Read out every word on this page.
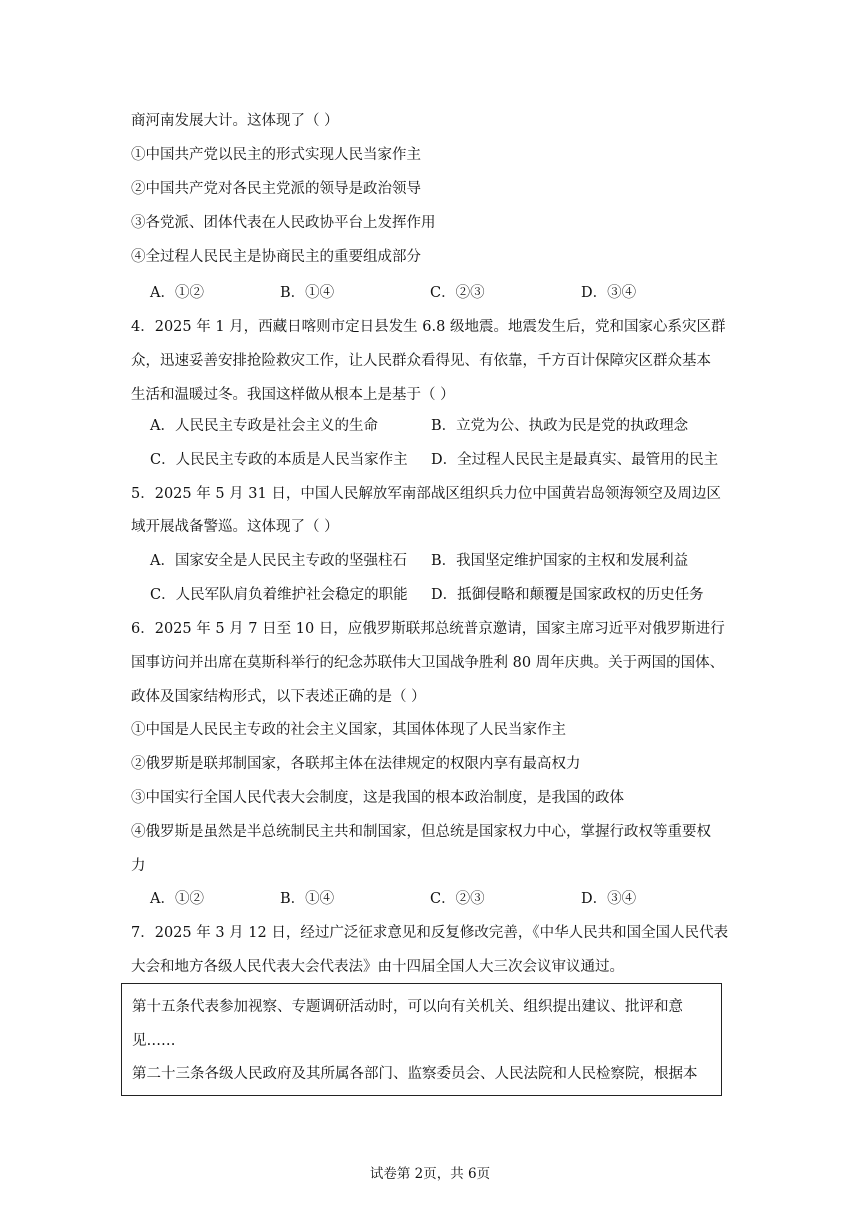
商河南发展大计。这体现了（ ）
①中国共产党以民主的形式实现人民当家作主
②中国共产党对各民主党派的领导是政治领导
③各党派、团体代表在人民政协平台上发挥作用
④全过程人民民主是协商民主的重要组成部分
A．①②	B．①④	C．②③	D．③④
4．2025 年 1 月，西藏日喀则市定日县发生 6.8 级地震。地震发生后，党和国家心系灾区群
众，迅速妥善安排抢险救灾工作，让人民群众看得见、有依靠，千方百计保障灾区群众基本
生活和温暖过冬。我国这样做从根本上是基于（ ）
A．人民民主专政是社会主义的生命	B．立党为公、执政为民是党的执政理念
C．人民民主专政的本质是人民当家作主 D．全过程人民民主是最真实、最管用的民主
5．2025 年 5 月 31 日，中国人民解放军南部战区组织兵力位中国黄岩岛领海领空及周边区
域开展战备警巡。这体现了（ ）
A．国家安全是人民民主专政的坚强柱石 B．我国坚定维护国家的主权和发展利益
C．人民军队肩负着维护社会稳定的职能 D．抵御侵略和颠覆是国家政权的历史任务
6．2025 年 5 月 7 日至 10 日，应俄罗斯联邦总统普京邀请，国家主席习近平对俄罗斯进行
国事访问并出席在莫斯科举行的纪念苏联伟大卫国战争胜利 80 周年庆典。关于两国的国体、
政体及国家结构形式，以下表述正确的是（ ）
①中国是人民民主专政的社会主义国家，其国体体现了人民当家作主
②俄罗斯是联邦制国家，各联邦主体在法律规定的权限内享有最高权力
③中国实行全国人民代表大会制度，这是我国的根本政治制度，是我国的政体
④俄罗斯是虽然是半总统制民主共和制国家，但总统是国家权力中心，掌握行政权等重要权
力
A．①②	B．①④	C．②③	D．③④
7．2025 年 3 月 12 日，经过广泛征求意见和反复修改完善，《中华人民共和国全国人民代表
大会和地方各级人民代表大会代表法》由十四届全国人大三次会议审议通过。
第十五条代表参加视察、专题调研活动时，可以向有关机关、组织提出建议、批评和意
见……
第二十三条各级人民政府及其所属各部门、监察委员会、人民法院和人民检察院，根据本
试卷第 2页，共 6页
